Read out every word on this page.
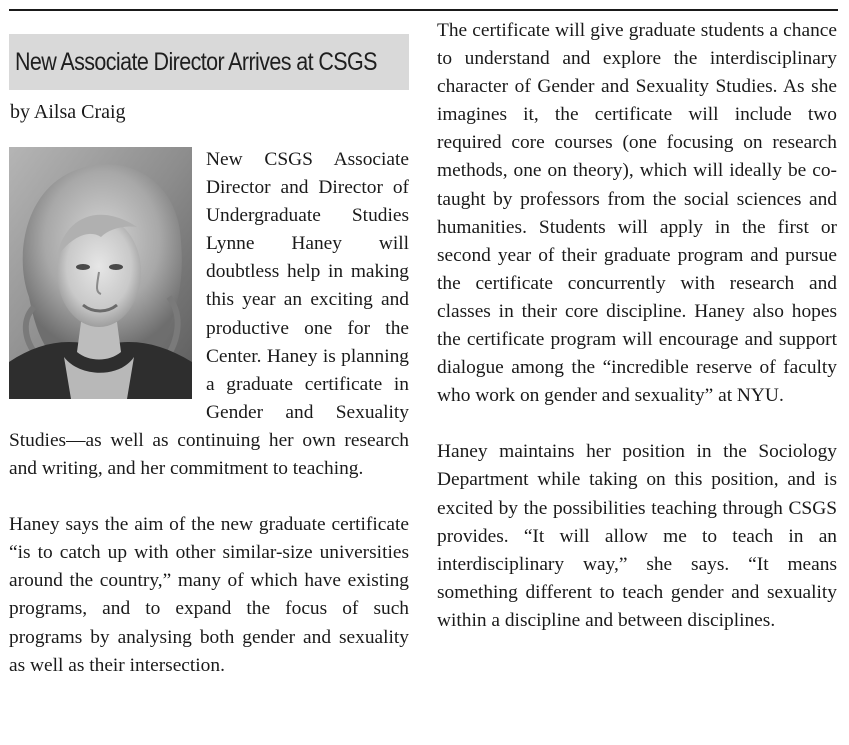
New Associate Director Arrives at CSGS
by Ailsa Craig

New CSGS Associate Director and Director of Undergraduate Studies Lynne Haney will doubtless help in making this year an exciting and productive one for the Center. Haney is planning a graduate certificate in Gender and Sexuality Studies—as well as continuing her own research and writing, and her commitment to teaching.

Haney says the aim of the new graduate certificate “is to catch up with other similar-size universities around the country,” many of which have existing programs, and to expand the focus of such programs by analysing both gender and sexuality as well as their intersection.

The certificate will give graduate students a chance to understand and explore the interdisciplinary character of Gender and Sexuality Studies. As she imagines it, the certificate will include two required core courses (one focusing on research methods, one on theory), which will ideally be co-taught by professors from the social sciences and humanities. Students will apply in the first or second year of their graduate program and pursue the certificate concurrently with research and classes in their core discipline. Haney also hopes the certificate program will encourage and support dialogue among the “incredible reserve of faculty who work on gender and sexuality” at NYU.

Haney maintains her position in the Sociology Department while taking on this position, and is excited by the possibilities teaching through CSGS provides. “It will allow me to teach in an interdisciplinary way,” she says. “It means something different to teach gender and sexuality within a discipline and between disciplines.
